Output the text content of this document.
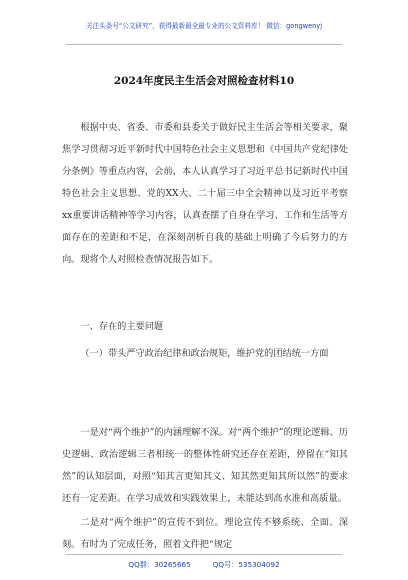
关注头条号“公文研究”，获得最新最全最专业的公文资料库！ 微信：gongwenyj
2024年度民主生活会对照检查材料10

根据中央、省委、市委和县委关于做好民主生活会等相关要求，聚焦学习贯彻习近平新时代中国特色社会主义思想和《中国共产党纪律处分条例》等重点内容，会前，本人认真学习了习近平总书记新时代中国特色社会主义思想、党的XX大、二十届三中全会精神以及习近平考察xx重要讲话精神等学习内容，认真查摆了自身在学习、工作和生活等方面存在的差距和不足，在深刻剖析自我的基础上明确了今后努力的方向。现将个人对照检查情况报告如下。

一、存在的主要问题

（一）带头严守政治纪律和政治规矩，维护党的团结统一方面

一是对“两个维护”的内涵理解不深。对“两个维护”的理论逻辑、历史逻辑、政治逻辑三者相统一的整体性研究还存在差距，停留在“知其然”的认知层面，对照“知其言更知其义、知其然更知其所以然”的要求还有一定差距。在学习成效和实践效果上，未能达到高水准和高质量。

二是对“两个维护”的宣传不到位。理论宣传不够系统、全面、深刻。有时为了完成任务，照着文件把“规定

QQ群：30265665	QQ号：535304092
